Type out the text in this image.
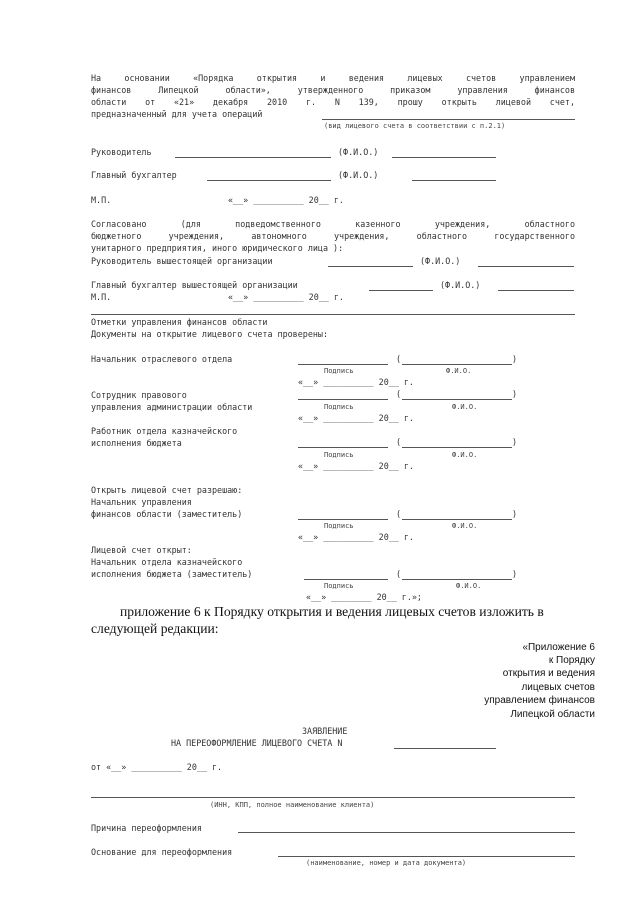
На основании «Порядка открытия и ведения лицевых счетов управлением
финансов Липецкой области», утвержденного приказом управления финансов
области от «21» декабря 2010 г. N 139, прошу открыть лицевой счет,
предназначенный для учета операций
(вид лицевого счета в соответствии с п.2.1)
Руководитель	(Ф.И.О.)
Главный бухгалтер	(Ф.И.О.)
М.П.	«__» __________ 20__ г.
Согласовано (для подведомственного казенного учреждения, областного
бюджетного учреждения, автономного учреждения, областного государственного
унитарного предприятия, иного юридического лица ):
Руководитель вышестоящей организации	(Ф.И.О.)
Главный бухгалтер вышестоящей организации	(Ф.И.О.)
М.П.	«__» __________ 20__ г.
Отметки управления финансов области
Документы на открытие лицевого счета проверены:
Начальник отраслевого отдела	(	)
Подпись	Ф.И.О.
«__» __________ 20__ г.
Сотрудник правового
управления администрации области
(	)
Подпись	Ф.И.О.
«__» __________ 20__ г.
Работник отдела казначейского
исполнения бюджета	(	)
Подпись	Ф.И.О.
«__» __________ 20__ г.
Открыть лицевой счет разрешаю:
Начальник управления
финансов области (заместитель)	(	)
Подпись	Ф.И.О.
«__» __________ 20__ г.
Лицевой счет открыт:
Начальник отдела казначейского
исполнения бюджета (заместитель)	(	)
Подпись	Ф.И.О.
«__» ________ 20__ г.»;
приложение 6 к Порядку открытия и ведения лицевых счетов изложить в
следующей редакции:
«Приложение 6
к Порядку
открытия и ведения
лицевых счетов
управлением финансов
Липецкой области
ЗАЯВЛЕНИЕ
НА ПЕРЕОФОРМЛЕНИЕ ЛИЦЕВОГО СЧЕТА N
от «__» __________ 20__ г.
(ИНН, КПП, полное наименование клиента)
Причина переоформления
Основание для переоформления
(наименование, номер и дата документа)
